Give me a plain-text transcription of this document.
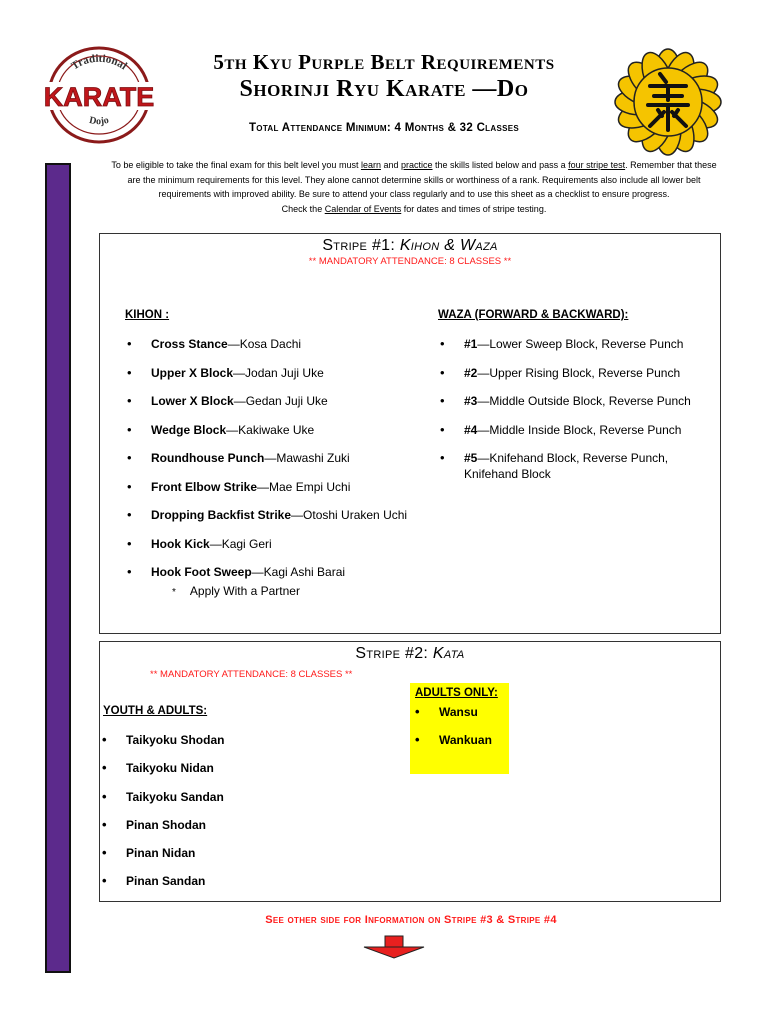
Traditional
KARATE
Dojo
5th Kyu Purple Belt Requirements
Shorinji Ryu Karate —Do
Total Attendance Minimum: 4 Months & 32 Classes
To be eligible to take the final exam for this belt level you must learn and practice the skills listed below and pass a four stripe test. Remember that these are the minimum requirements for this level. They alone cannot determine skills or worthiness of a rank. Requirements also include all lower belt requirements with improved ability. Be sure to attend your class regularly and to use this sheet as a checklist to ensure progress.
Check the Calendar of Events for dates and times of stripe testing.
Stripe #1: Kihon & Waza
** MANDATORY ATTENDANCE: 8 CLASSES **
KIHON :
• Cross Stance—Kosa Dachi
• Upper X Block—Jodan Juji Uke
• Lower X Block—Gedan Juji Uke
• Wedge Block—Kakiwake Uke
• Roundhouse Punch—Mawashi Zuki
• Front Elbow Strike—Mae Empi Uchi
• Dropping Backfist Strike—Otoshi Uraken Uchi
• Hook Kick—Kagi Geri
• Hook Foot Sweep—Kagi Ashi Barai
* Apply With a Partner
WAZA (FORWARD & BACKWARD):
• #1—Lower Sweep Block, Reverse Punch
• #2—Upper Rising Block, Reverse Punch
• #3—Middle Outside Block, Reverse Punch
• #4—Middle Inside Block, Reverse Punch
• #5—Knifehand Block, Reverse Punch, Knifehand Block
Stripe #2: Kata
** MANDATORY ATTENDANCE: 8 CLASSES **
YOUTH & ADULTS:
• Taikyoku Shodan
• Taikyoku Nidan
• Taikyoku Sandan
• Pinan Shodan
• Pinan Nidan
• Pinan Sandan
ADULTS ONLY:
• Wansu
• Wankuan
See other side for Information on Stripe #3 & Stripe #4
